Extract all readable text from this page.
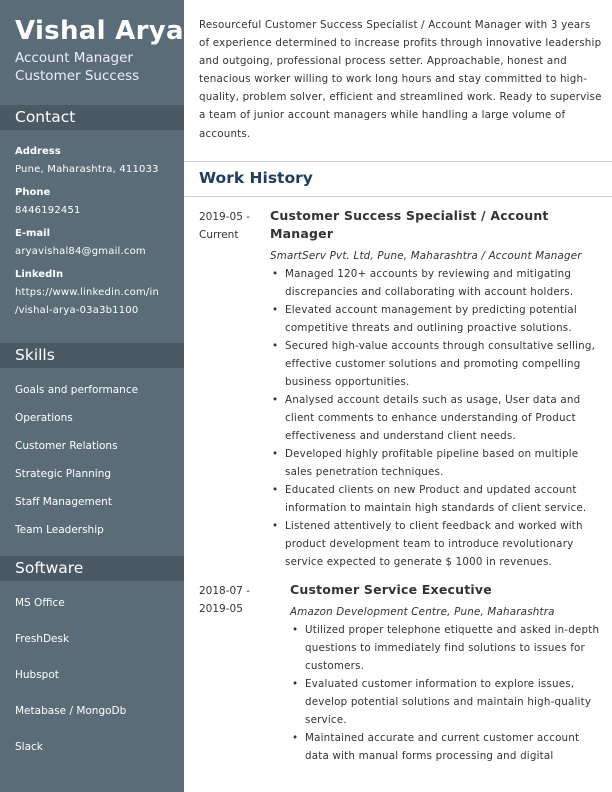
Vishal Arya
Account Manager
Customer Success
Contact
Address
Pune, Maharashtra, 411033
Phone
8446192451
E-mail
aryavishal84@gmail.com
LinkedIn
https://www.linkedin.com/in
/vishal-arya-03a3b1100
Skills
Goals and performance
Operations
Customer Relations
Strategic Planning
Staff Management
Team Leadership
Software
MS Office
FreshDesk
Hubspot
Metabase / MongoDb
Slack
Resourceful Customer Success Specialist / Account Manager with 3 years of experience determined to increase profits through innovative leadership and outgoing, professional process setter. Approachable, honest and tenacious worker willing to work long hours and stay committed to high-quality, problem solver, efficient and streamlined work. Ready to supervise a team of junior account managers while handling a large volume of accounts.
Work History
2019-05 -
Current
Customer Success Specialist / Account Manager
SmartServ Pvt. Ltd, Pune, Maharashtra / Account Manager
• Managed 120+ accounts by reviewing and mitigating discrepancies and collaborating with account holders.
• Elevated account management by predicting potential competitive threats and outlining proactive solutions.
• Secured high-value accounts through consultative selling, effective customer solutions and promoting compelling business opportunities.
• Analysed account details such as usage, User data and client comments to enhance understanding of Product effectiveness and understand client needs.
• Developed highly profitable pipeline based on multiple sales penetration techniques.
• Educated clients on new Product and updated account information to maintain high standards of client service.
• Listened attentively to client feedback and worked with product development team to introduce revolutionary service expected to generate $ 1000 in revenues.
2018-07 -
2019-05
Customer Service Executive
Amazon Development Centre, Pune, Maharashtra
• Utilized proper telephone etiquette and asked in-depth questions to immediately find solutions to issues for customers.
• Evaluated customer information to explore issues, develop potential solutions and maintain high-quality service.
• Maintained accurate and current customer account data with manual forms processing and digital
